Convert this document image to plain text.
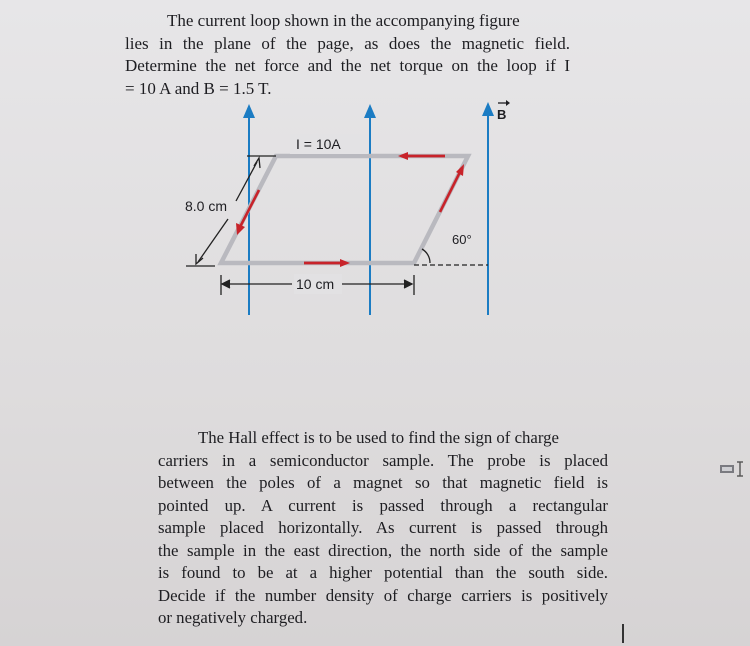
The current loop shown in the accompanying figure
lies in the plane of the page, as does the magnetic field.
Determine the net force and the net torque on the loop if I
= 10 A and B = 1.5 T.
B
I = 10A
8.0 cm
10 cm
60°
The Hall effect is to be used to find the sign of charge
carriers in a semiconductor sample. The probe is placed
between the poles of a magnet so that magnetic field is
pointed up. A current is passed through a rectangular
sample placed horizontally. As current is passed through
the sample in the east direction, the north side of the sample
is found to be at a higher potential than the south side.
Decide if the number density of charge carriers is positively
or negatively charged.
